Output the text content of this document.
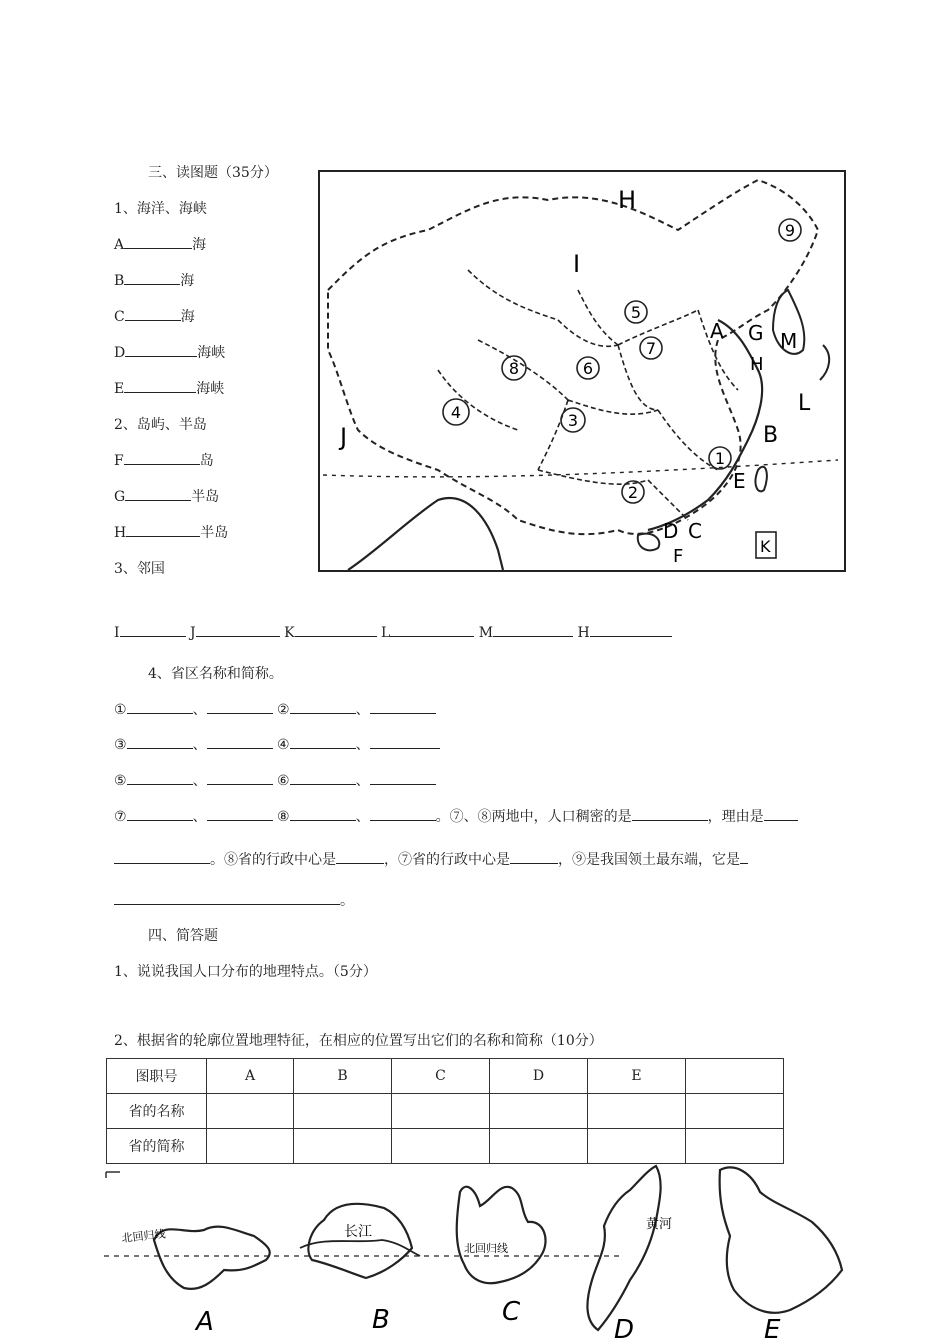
三、读图题（35分）
1、海洋、海峡
A	海
B	海
C	海
D	海峡
E	海峡
2、岛屿、半岛
F	岛
G	半岛
H	半岛
3、邻国
H
I
J
A G M
H
L
B
E
D C
F	K
9
5
7
8	6
4	3
1
2
I	J	K	L	M	H
4、省区名称和简称。
①	、	②	、
③	、	④	、
⑤	、	⑥	、
⑦	、	⑧	、	。⑦、⑧两地中，人口稠密的是	，理由是
。⑧省的行政中心是	，⑦省的行政中心是	，⑨是我国领土最东端，它是
。
四、简答题
1、说说我国人口分布的地理特点。（5分）
2、根据省的轮廓位置地理特征，在相应的位置写出它们的名称和简称（10分）
图职号	A	B	C	D	E	
省的名称						
省的简称						
北回归线	长江
北回归线
黄河
A	B	C
D	E
